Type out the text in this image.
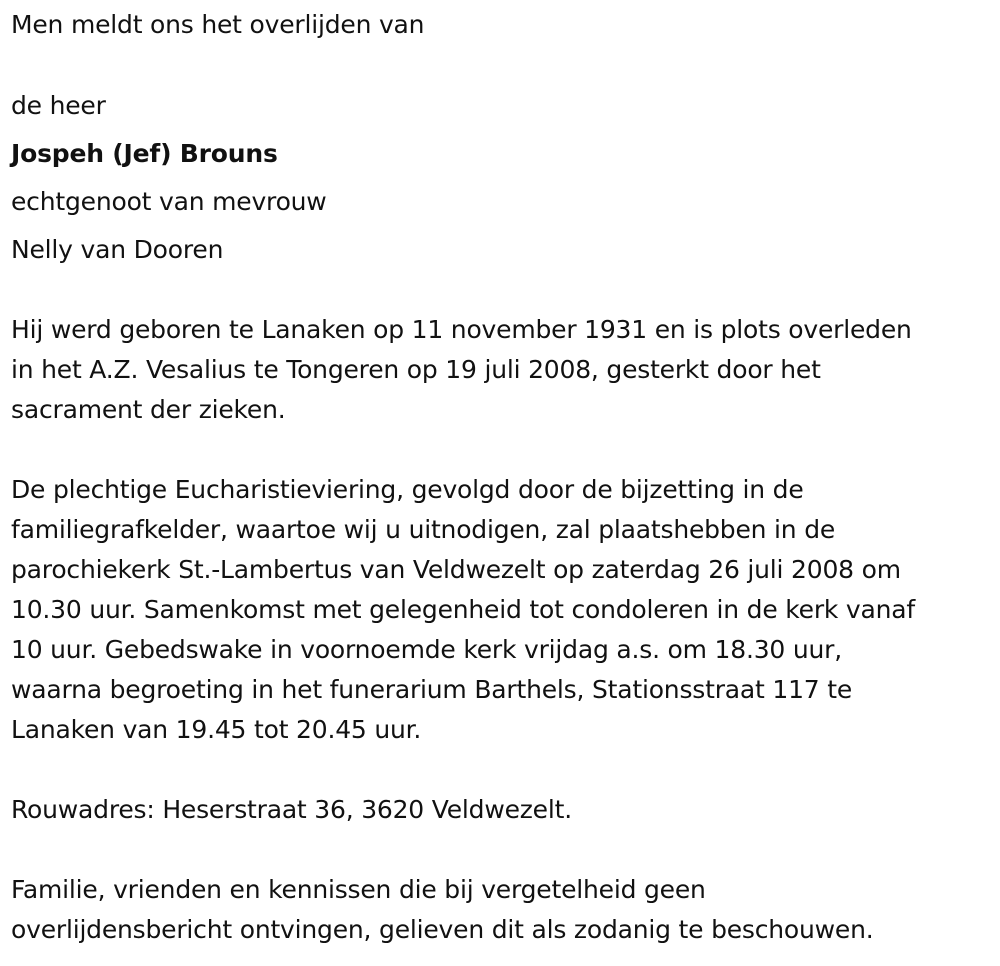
Men meldt ons het overlijden van
de heer
Jospeh (Jef) Brouns
echtgenoot van mevrouw
Nelly van Dooren
Hij werd geboren te Lanaken op 11 november 1931 en is plots overleden
in het A.Z. Vesalius te Tongeren op 19 juli 2008, gesterkt door het
sacrament der zieken.
De plechtige Eucharistieviering, gevolgd door de bijzetting in de
familiegrafkelder, waartoe wij u uitnodigen, zal plaatshebben in de
parochiekerk St.-Lambertus van Veldwezelt op zaterdag 26 juli 2008 om
10.30 uur. Samenkomst met gelegenheid tot condoleren in de kerk vanaf
10 uur. Gebedswake in voornoemde kerk vrijdag a.s. om 18.30 uur,
waarna begroeting in het funerarium Barthels, Stationsstraat 117 te
Lanaken van 19.45 tot 20.45 uur.
Rouwadres: Heserstraat 36, 3620 Veldwezelt.
Familie, vrienden en kennissen die bij vergetelheid geen
overlijdensbericht ontvingen, gelieven dit als zodanig te beschouwen.
